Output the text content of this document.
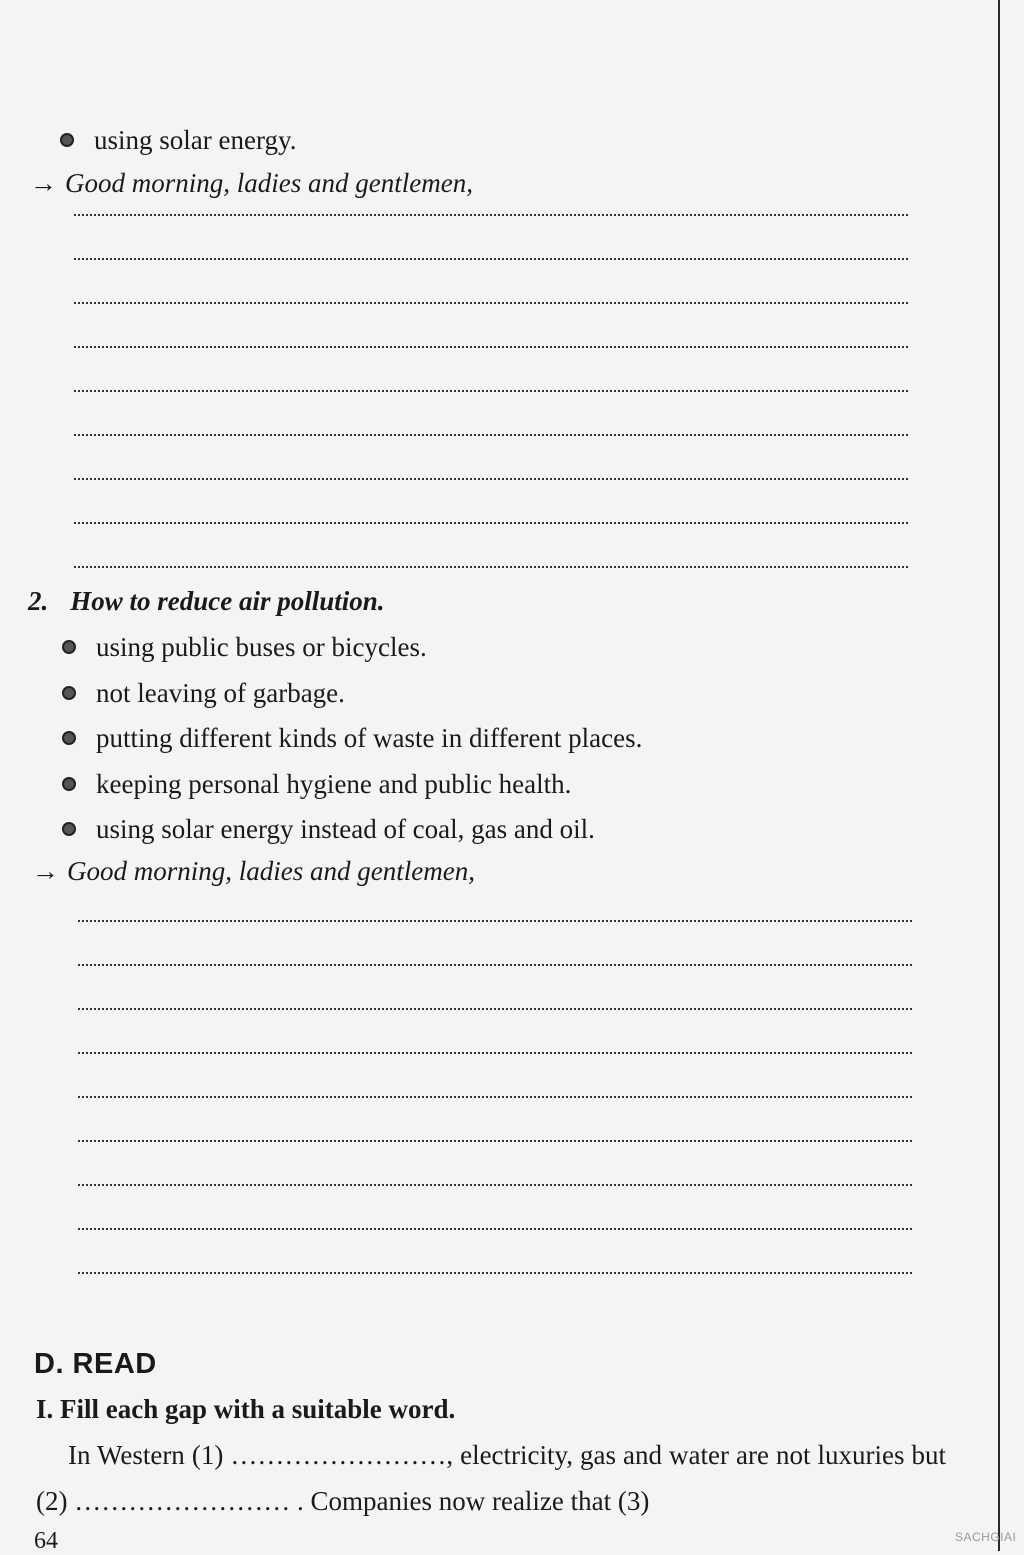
using solar energy.
→ Good morning, ladies and gentlemen,
2. How to reduce air pollution.
using public buses or bicycles.
not leaving of garbage.
putting different kinds of waste in different places.
keeping personal hygiene and public health.
using solar energy instead of coal, gas and oil.
→ Good morning, ladies and gentlemen,
D. READ
I. Fill each gap with a suitable word.
In Western (1) ……………………, electricity, gas and water are not luxuries but (2) …………………… . Companies now realize that (3)
64	SACHGIAI
